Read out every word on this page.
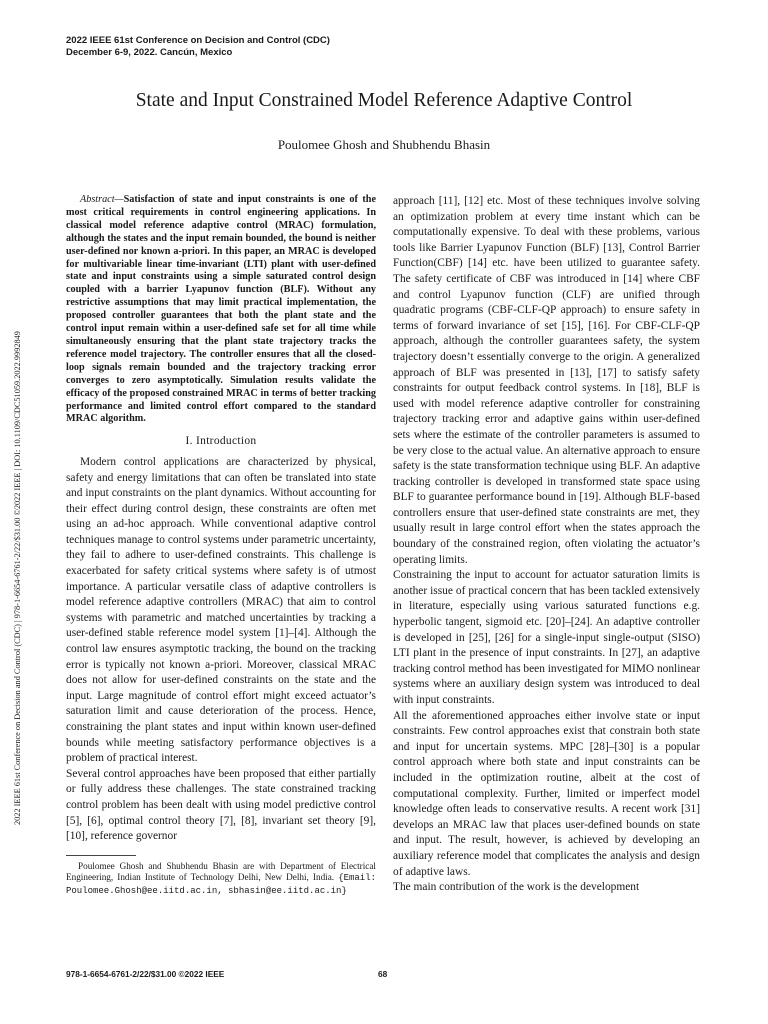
2022 IEEE 61st Conference on Decision and Control (CDC)
December 6-9, 2022. Cancún, Mexico
State and Input Constrained Model Reference Adaptive Control
Poulomee Ghosh and Shubhendu Bhasin
2022 IEEE 61st Conference on Decision and Control (CDC) | 978-1-6654-6761-2/22/$31.00 ©2022 IEEE | DOI: 10.1109/CDC51059.2022.9992849

Abstract—Satisfaction of state and input constraints is one of the most critical requirements in control engineering applications. In classical model reference adaptive control (MRAC) formulation, although the states and the input remain bounded, the bound is neither user-defined nor known a-priori. In this paper, an MRAC is developed for multivariable linear time-invariant (LTI) plant with user-defined state and input constraints using a simple saturated control design coupled with a barrier Lyapunov function (BLF). Without any restrictive assumptions that may limit practical implementation, the proposed controller guarantees that both the plant state and the control input remain within a user-defined safe set for all time while simultaneously ensuring that the plant state trajectory tracks the reference model trajectory. The controller ensures that all the closed-loop signals remain bounded and the trajectory tracking error converges to zero asymptotically. Simulation results validate the efficacy of the proposed constrained MRAC in terms of better tracking performance and limited control effort compared to the standard MRAC algorithm.

I. Introduction

Modern control applications are characterized by physical, safety and energy limitations that can often be translated into state and input constraints on the plant dynamics. Without accounting for their effect during control design, these constraints are often met using an ad-hoc approach. While conventional adaptive control techniques manage to control systems under parametric uncertainty, they fail to adhere to user-defined constraints. This challenge is exacerbated for safety critical systems where safety is of utmost importance. A particular versatile class of adaptive controllers is model reference adaptive controllers (MRAC) that aim to control systems with parametric and matched uncertainties by tracking a user-defined stable reference model system [1]–[4]. Although the control law ensures asymptotic tracking, the bound on the tracking error is typically not known a-priori. Moreover, classical MRAC does not allow for user-defined constraints on the state and the input. Large magnitude of control effort might exceed actuator’s saturation limit and cause deterioration of the process. Hence, constraining the plant states and input within known user-defined bounds while meeting satisfactory performance objectives is a problem of practical interest.

Several control approaches have been proposed that either partially or fully address these challenges. The state constrained tracking control problem has been dealt with using model predictive control [5], [6], optimal control theory [7], [8], invariant set theory [9], [10], reference governor

Poulomee Ghosh and Shubhendu Bhasin are with Department of Electrical Engineering, Indian Institute of Technology Delhi, New Delhi, India. {Email: Poulomee.Ghosh@ee.iitd.ac.in, sbhasin@ee.iitd.ac.in}

approach [11], [12] etc. Most of these techniques involve solving an optimization problem at every time instant which can be computationally expensive. To deal with these problems, various tools like Barrier Lyapunov Function (BLF) [13], Control Barrier Function(CBF) [14] etc. have been utilized to guarantee safety. The safety certificate of CBF was introduced in [14] where CBF and control Lyapunov function (CLF) are unified through quadratic programs (CBF-CLF-QP approach) to ensure safety in terms of forward invariance of set [15], [16]. For CBF-CLF-QP approach, although the controller guarantees safety, the system trajectory doesn’t essentially converge to the origin. A generalized approach of BLF was presented in [13], [17] to satisfy safety constraints for output feedback control systems. In [18], BLF is used with model reference adaptive controller for constraining trajectory tracking error and adaptive gains within user-defined sets where the estimate of the controller parameters is assumed to be very close to the actual value. An alternative approach to ensure safety is the state transformation technique using BLF. An adaptive tracking controller is developed in transformed state space using BLF to guarantee performance bound in [19]. Although BLF-based controllers ensure that user-defined state constraints are met, they usually result in large control effort when the states approach the boundary of the constrained region, often violating the actuator’s operating limits.

Constraining the input to account for actuator saturation limits is another issue of practical concern that has been tackled extensively in literature, especially using various saturated functions e.g. hyperbolic tangent, sigmoid etc. [20]–[24]. An adaptive controller is developed in [25], [26] for a single-input single-output (SISO) LTI plant in the presence of input constraints. In [27], an adaptive tracking control method has been investigated for MIMO nonlinear systems where an auxiliary design system was introduced to deal with input constraints.

All the aforementioned approaches either involve state or input constraints. Few control approaches exist that constrain both state and input for uncertain systems. MPC [28]–[30] is a popular control approach where both state and input constraints can be included in the optimization routine, albeit at the cost of computational complexity. Further, limited or imperfect model knowledge often leads to conservative results. A recent work [31] develops an MRAC law that places user-defined bounds on state and input. The result, however, is achieved by developing an auxiliary reference model that complicates the analysis and design of adaptive laws.

The main contribution of the work is the development

978-1-6654-6761-2/22/$31.00 ©2022 IEEE	68
